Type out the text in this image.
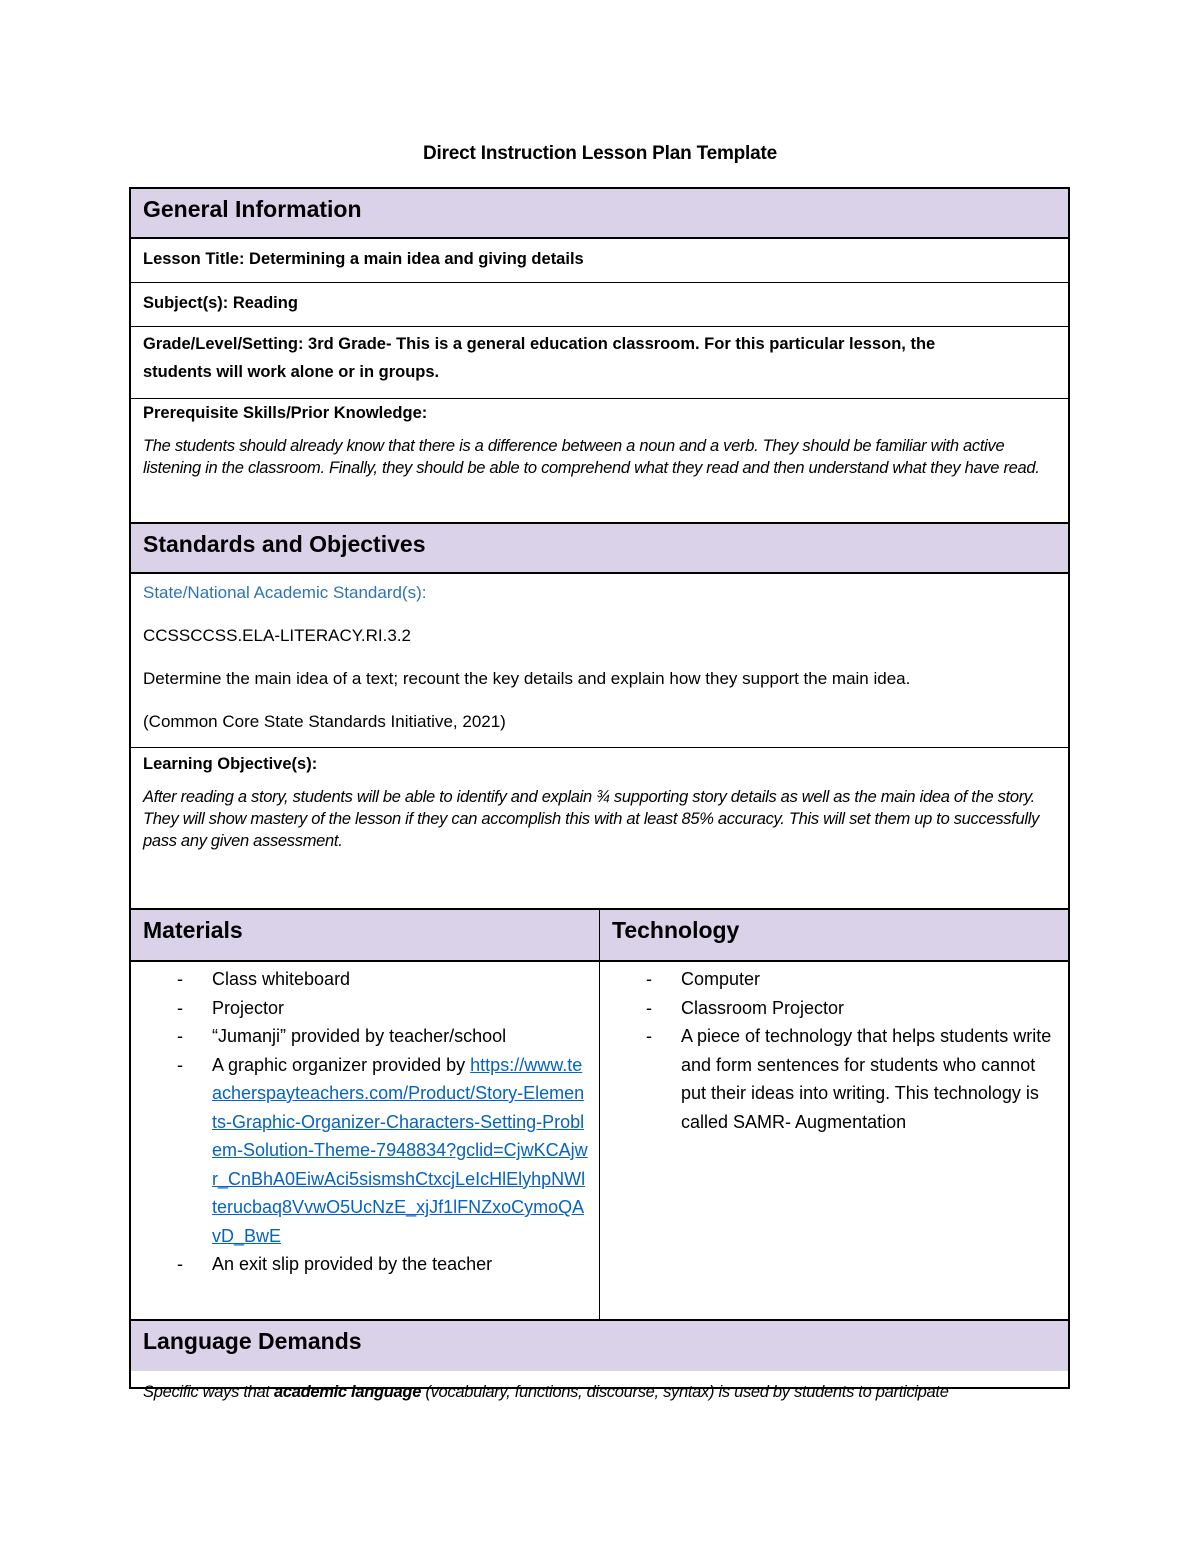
Direct Instruction Lesson Plan Template
General Information
Lesson Title: Determining a main idea and giving details
Subject(s): Reading
Grade/Level/Setting: 3rd Grade- This is a general education classroom. For this particular lesson, the
students will work alone or in groups.
Prerequisite Skills/Prior Knowledge:
The students should already know that there is a difference between a noun and a verb. They should be familiar with active listening in the classroom. Finally, they should be able to comprehend what they read and then understand what they have read.
Standards and Objectives

State/National Academic Standard(s):

CCSSCCSS.ELA-LITERACY.RI.3.2

Determine the main idea of a text; recount the key details and explain how they support the main idea.

(Common Core State Standards Initiative, 2021)

Learning Objective(s):
After reading a story, students will be able to identify and explain ¾ supporting story details as well as the main idea of the story. They will show mastery of the lesson if they can accomplish this with at least 85% accuracy. This will set them up to successfully pass any given assessment.
Materials	Technology
- Class whiteboard
- Projector
- “Jumanji” provided by teacher/school
- A graphic organizer provided by https://www.teacherspayteachers.com/Product/Story-Elements-Graphic-Organizer-Characters-Setting-Problem-Solution-Theme-7948834?gclid=CjwKCAjwr_CnBhA0EiwAci5sismshCtxcjLeIcHlElyhpNWlterucbaq8VvwO5UcNzE_xjJf1lFNZxoCymoQAvD_BwE
- An exit slip provided by the teacher
- Computer
- Classroom Projector
- A piece of technology that helps students write and form sentences for students who cannot put their ideas into writing. This technology is called SAMR- Augmentation
Language Demands
Specific ways that academic language (vocabulary, functions, discourse, syntax) is used by students to participate
